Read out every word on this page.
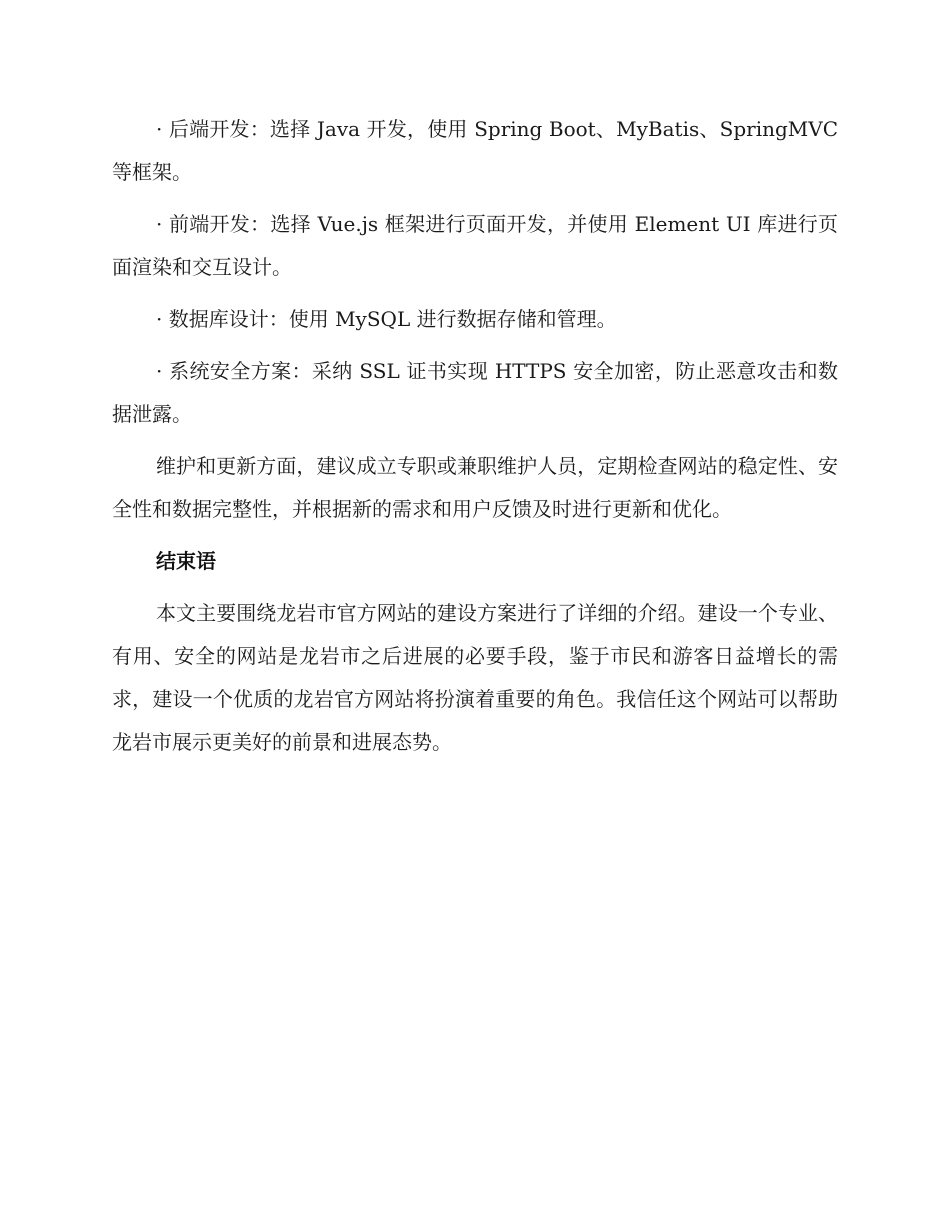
· 后端开发：选择 Java 开发，使用 Spring Boot、MyBatis、SpringMVC 等框架。

· 前端开发：选择 Vue.js 框架进行页面开发，并使用 Element UI 库进行页面渲染和交互设计。

· 数据库设计：使用 MySQL 进行数据存储和管理。

· 系统安全方案：采纳 SSL 证书实现 HTTPS 安全加密，防止恶意攻击和数据泄露。

维护和更新方面，建议成立专职或兼职维护人员，定期检查网站的稳定性、安全性和数据完整性，并根据新的需求和用户反馈及时进行更新和优化。

结束语

本文主要围绕龙岩市官方网站的建设方案进行了详细的介绍。建设一个专业、有用、安全的网站是龙岩市之后进展的必要手段，鉴于市民和游客日益增长的需求，建设一个优质的龙岩官方网站将扮演着重要的角色。我信任这个网站可以帮助龙岩市展示更美好的前景和进展态势。
